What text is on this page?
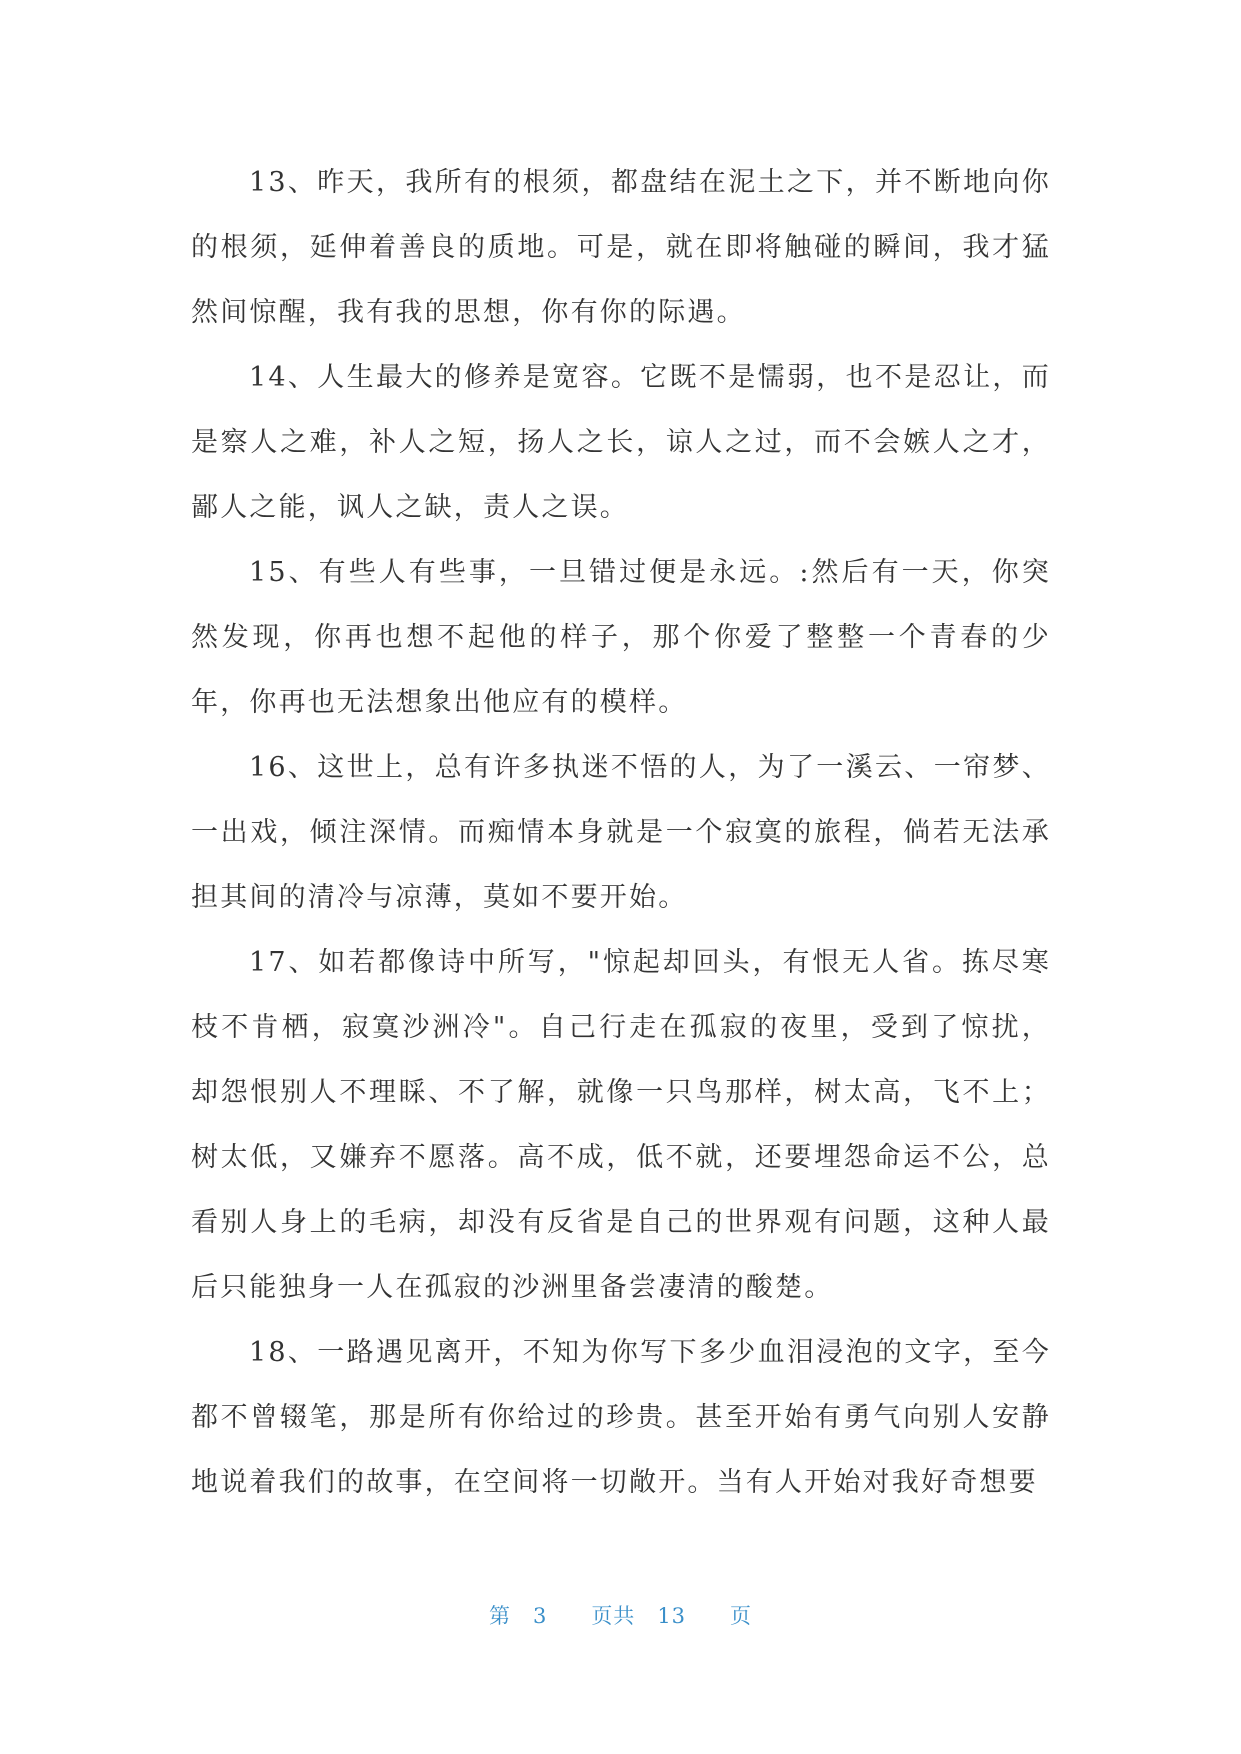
13、昨天，我所有的根须，都盘结在泥土之下，并不断地向你的根须，延伸着善良的质地。可是，就在即将触碰的瞬间，我才猛然间惊醒，我有我的思想，你有你的际遇。

14、人生最大的修养是宽容。它既不是懦弱，也不是忍让，而是察人之难，补人之短，扬人之长，谅人之过，而不会嫉人之才，鄙人之能，讽人之缺，责人之误。

15、有些人有些事，一旦错过便是永远。:然后有一天，你突然发现，你再也想不起他的样子，那个你爱了整整一个青春的少年，你再也无法想象出他应有的模样。

16、这世上，总有许多执迷不悟的人，为了一溪云、一帘梦、一出戏，倾注深情。而痴情本身就是一个寂寞的旅程，倘若无法承担其间的清冷与凉薄，莫如不要开始。

17、如若都像诗中所写，"惊起却回头，有恨无人省。拣尽寒枝不肯栖，寂寞沙洲冷"。自己行走在孤寂的夜里，受到了惊扰，却怨恨别人不理睬、不了解，就像一只鸟那样，树太高，飞不上；树太低，又嫌弃不愿落。高不成，低不就，还要埋怨命运不公，总看别人身上的毛病，却没有反省是自己的世界观有问题，这种人最后只能独身一人在孤寂的沙洲里备尝凄清的酸楚。

18、一路遇见离开，不知为你写下多少血泪浸泡的文字，至今都不曾辍笔，那是所有你给过的珍贵。甚至开始有勇气向别人安静地说着我们的故事，在空间将一切敞开。当有人开始对我好奇想要

第 3 页共 13 页
